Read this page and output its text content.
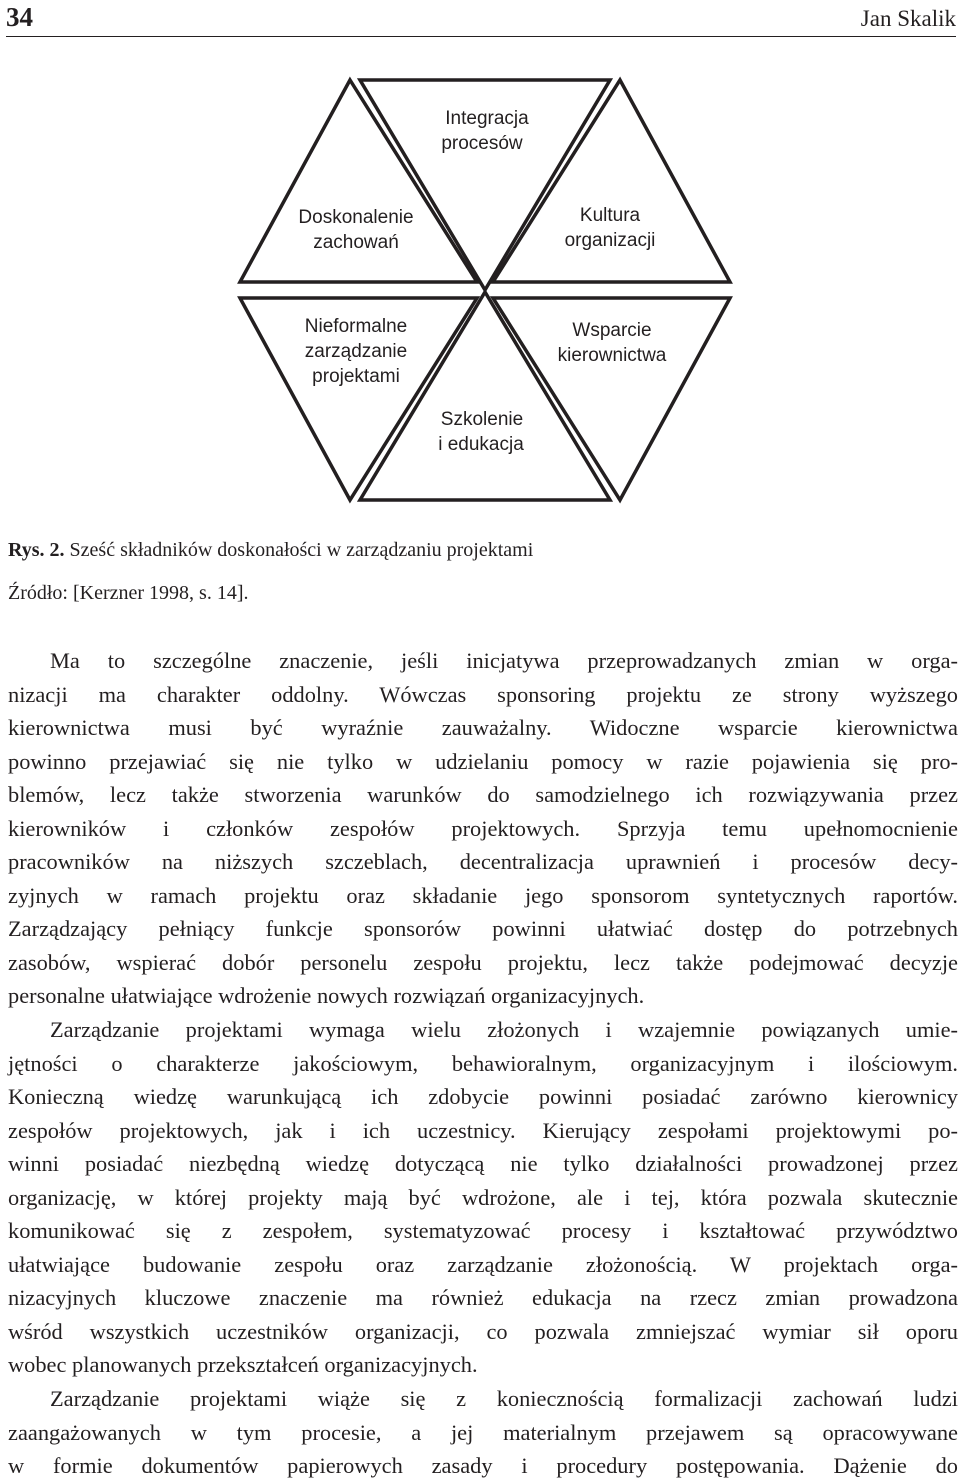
34	Jan Skalik
Integracja
procesów
Doskonalenie
zachowań
Kultura
organizacji
Nieformalne
zarządzanie
projektami
Wsparcie
kierownictwa
Szkolenie
i edukacja
Rys. 2. Sześć składników doskonałości w zarządzaniu projektami
Źródło: [Kerzner 1998, s. 14].
Ma to szczególne znaczenie, jeśli inicjatywa przeprowadzanych zmian w orga-
nizacji ma charakter oddolny. Wówczas sponsoring projektu ze strony wyższego
kierownictwa musi być wyraźnie zauważalny. Widoczne wsparcie kierownictwa
powinno przejawiać się nie tylko w udzielaniu pomocy w razie pojawienia się pro-
blemów, lecz także stworzenia warunków do samodzielnego ich rozwiązywania przez
kierowników i członków zespołów projektowych. Sprzyja temu upełnomocnienie
pracowników na niższych szczeblach, decentralizacja uprawnień i procesów decy-
zyjnych w ramach projektu oraz składanie jego sponsorom syntetycznych raportów.
Zarządzający pełniący funkcje sponsorów powinni ułatwiać dostęp do potrzebnych
zasobów, wspierać dobór personelu zespołu projektu, lecz także podejmować decyzje
personalne ułatwiające wdrożenie nowych rozwiązań organizacyjnych.
Zarządzanie projektami wymaga wielu złożonych i wzajemnie powiązanych umie-
jętności o charakterze jakościowym, behawioralnym, organizacyjnym i ilościowym.
Konieczną wiedzę warunkującą ich zdobycie powinni posiadać zarówno kierownicy
zespołów projektowych, jak i ich uczestnicy. Kierujący zespołami projektowymi po-
winni posiadać niezbędną wiedzę dotyczącą nie tylko działalności prowadzonej przez
organizację, w której projekty mają być wdrożone, ale i tej, która pozwala skutecznie
komunikować się z zespołem, systematyzować procesy i kształtować przywództwo
ułatwiające budowanie zespołu oraz zarządzanie złożonością. W projektach orga-
nizacyjnych kluczowe znaczenie ma również edukacja na rzecz zmian prowadzona
wśród wszystkich uczestników organizacji, co pozwala zmniejszać wymiar sił oporu
wobec planowanych przekształceń organizacyjnych.
Zarządzanie projektami wiąże się z koniecznością formalizacji zachowań ludzi
zaangażowanych w tym procesie, a jej materialnym przejawem są opracowywane
w formie dokumentów papierowych zasady i procedury postępowania. Dążenie do
